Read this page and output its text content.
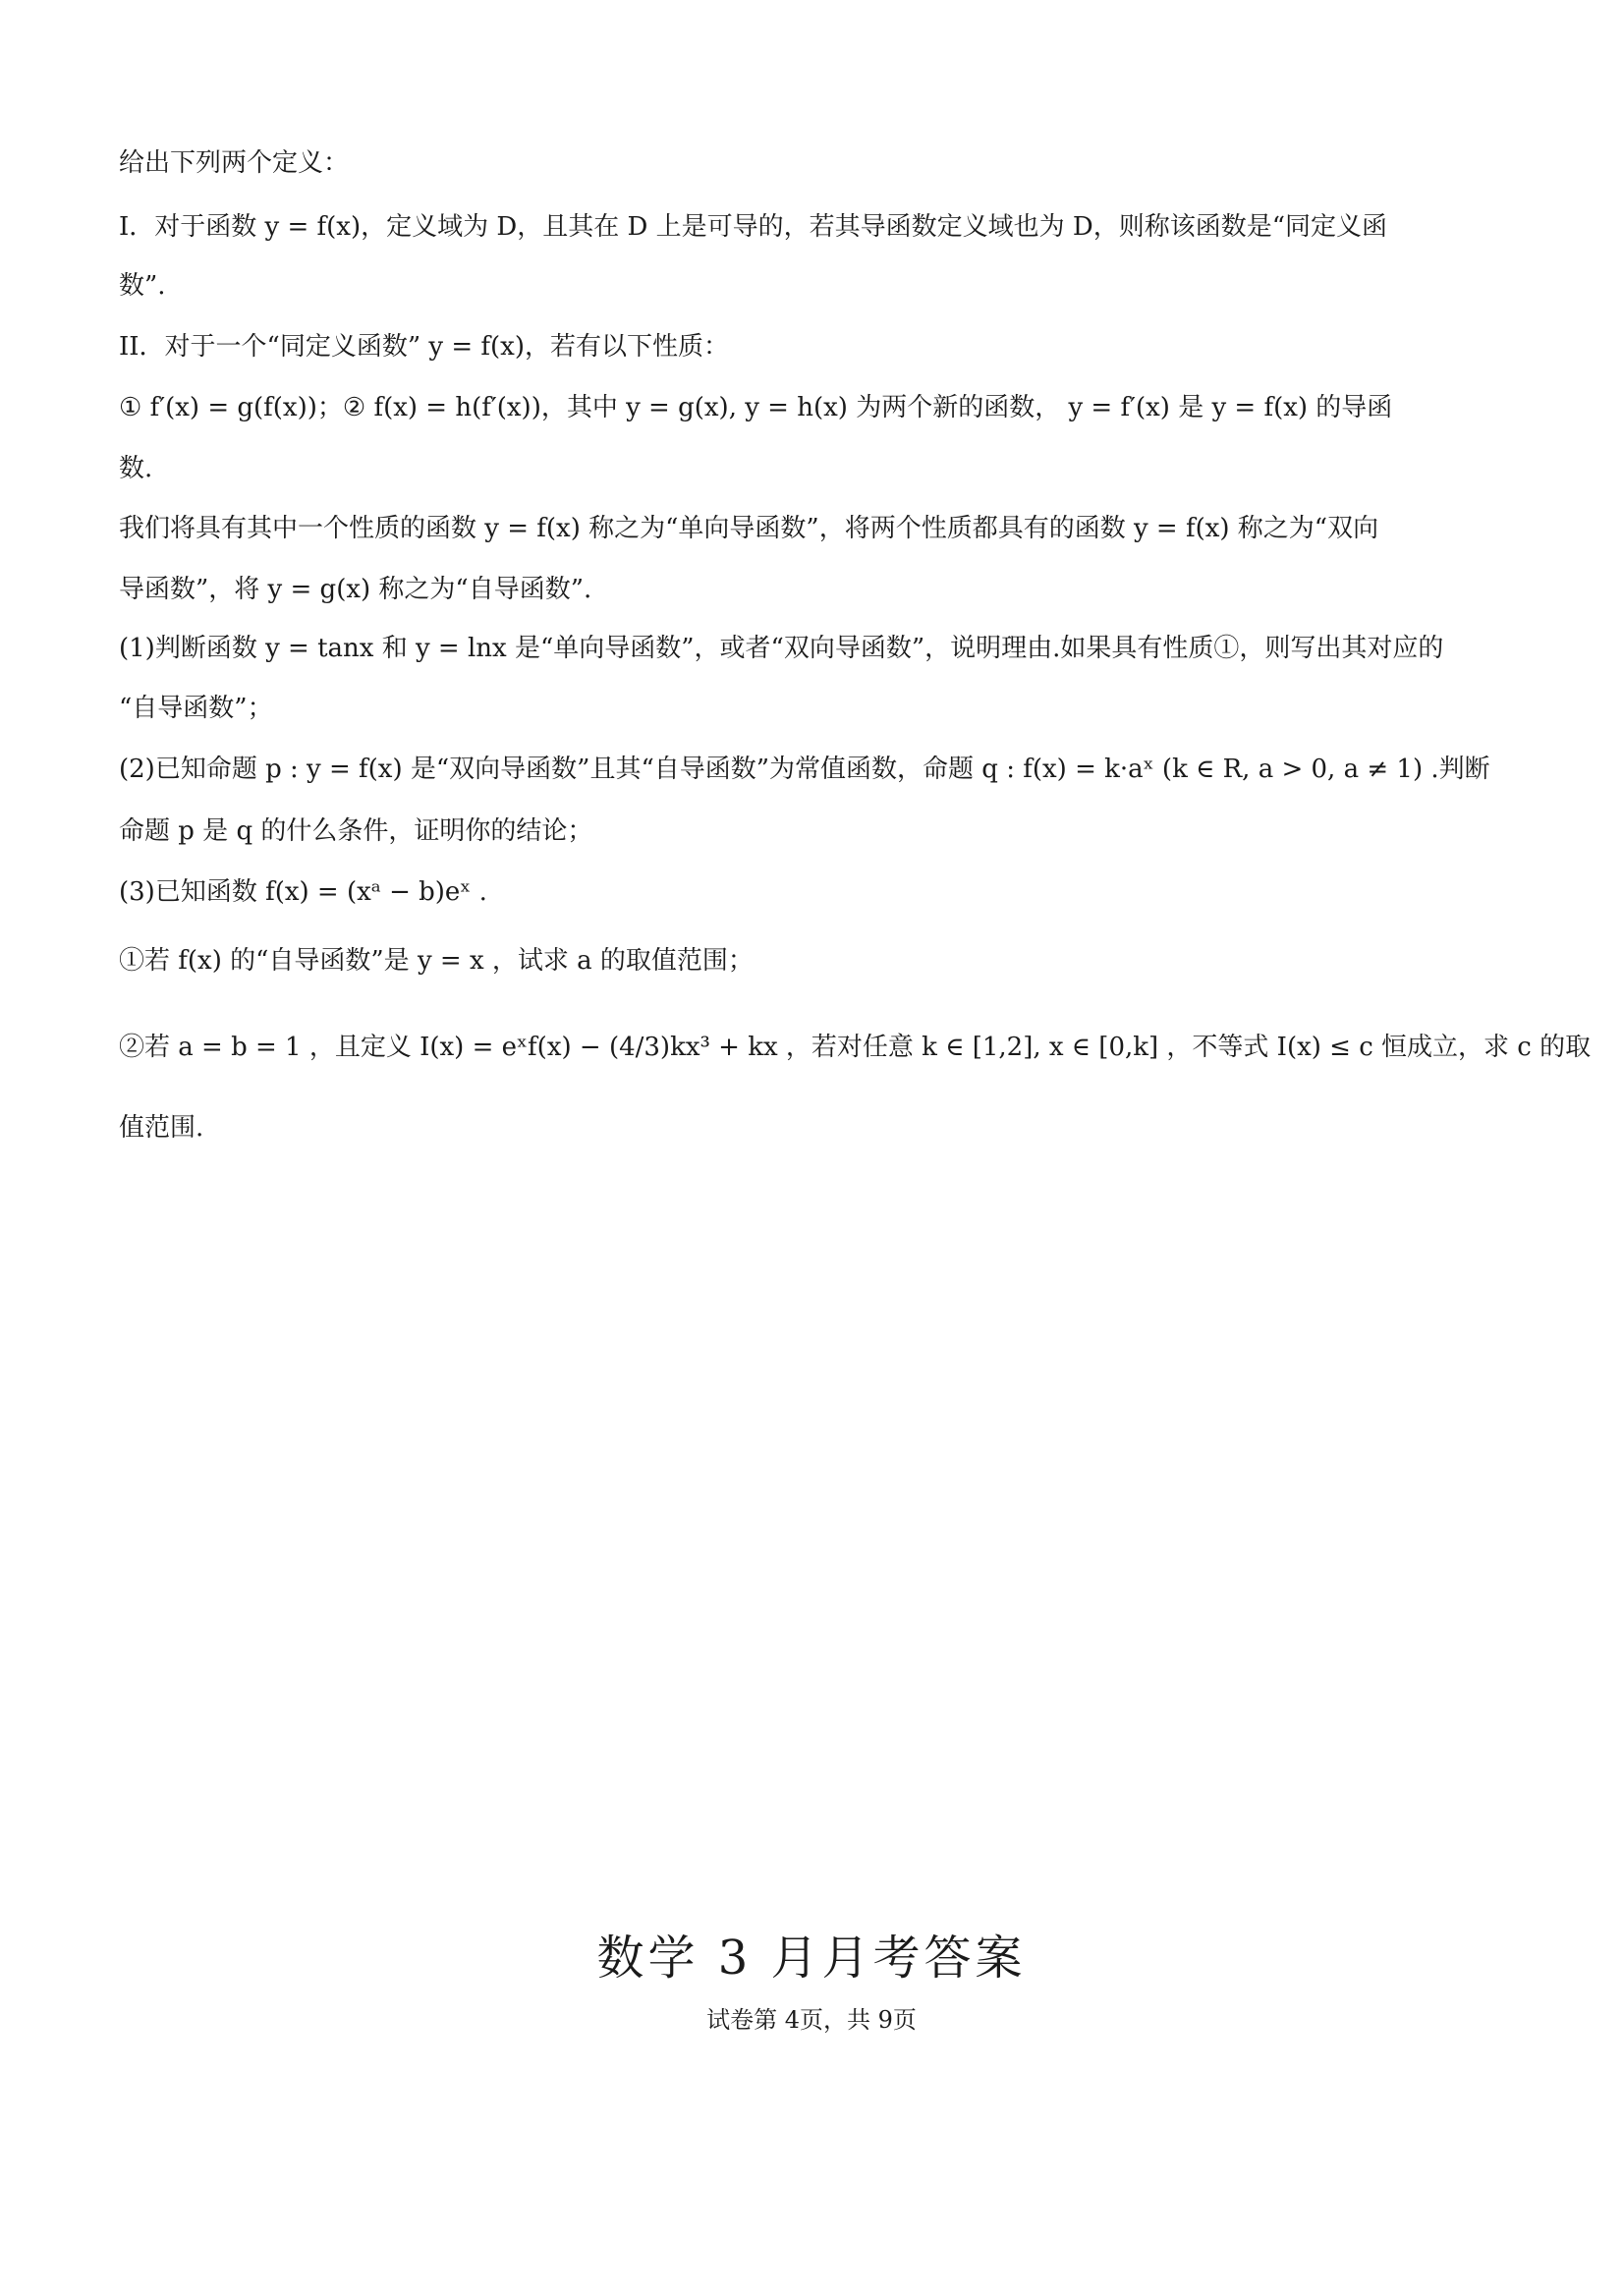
给出下列两个定义：
I．对于函数 y = f(x)，定义域为 D，且其在 D 上是可导的，若其导函数定义域也为 D，则称该函数是“同定义函
数”.
II．对于一个“同定义函数” y = f(x)，若有以下性质：
① f′(x) = g(f(x))；② f(x) = h(f′(x))，其中 y = g(x), y = h(x) 为两个新的函数， y = f′(x) 是 y = f(x) 的导函
数.
我们将具有其中一个性质的函数 y = f(x) 称之为“单向导函数”，将两个性质都具有的函数 y = f(x) 称之为“双向
导函数”，将 y = g(x) 称之为“自导函数”.
(1)判断函数 y = tanx 和 y = lnx 是“单向导函数”，或者“双向导函数”，说明理由.如果具有性质①，则写出其对应的
“自导函数”；
(2)已知命题 p : y = f(x) 是“双向导函数”且其“自导函数”为常值函数，命题 q : f(x) = k·aˣ (k ∈ R, a > 0, a ≠ 1) .判断
命题 p 是 q 的什么条件，证明你的结论；
(3)已知函数 f(x) = (xᵃ − b)eˣ .
①若 f(x) 的“自导函数”是 y = x ，试求 a 的取值范围；
②若 a = b = 1 ，且定义 I(x) = eˣf(x) − (4/3)kx³ + kx ，若对任意 k ∈ [1,2], x ∈ [0,k] ，不等式 I(x) ≤ c 恒成立，求 c 的取
值范围.
数学 3 月月考答案
试卷第 4页，共 9页
